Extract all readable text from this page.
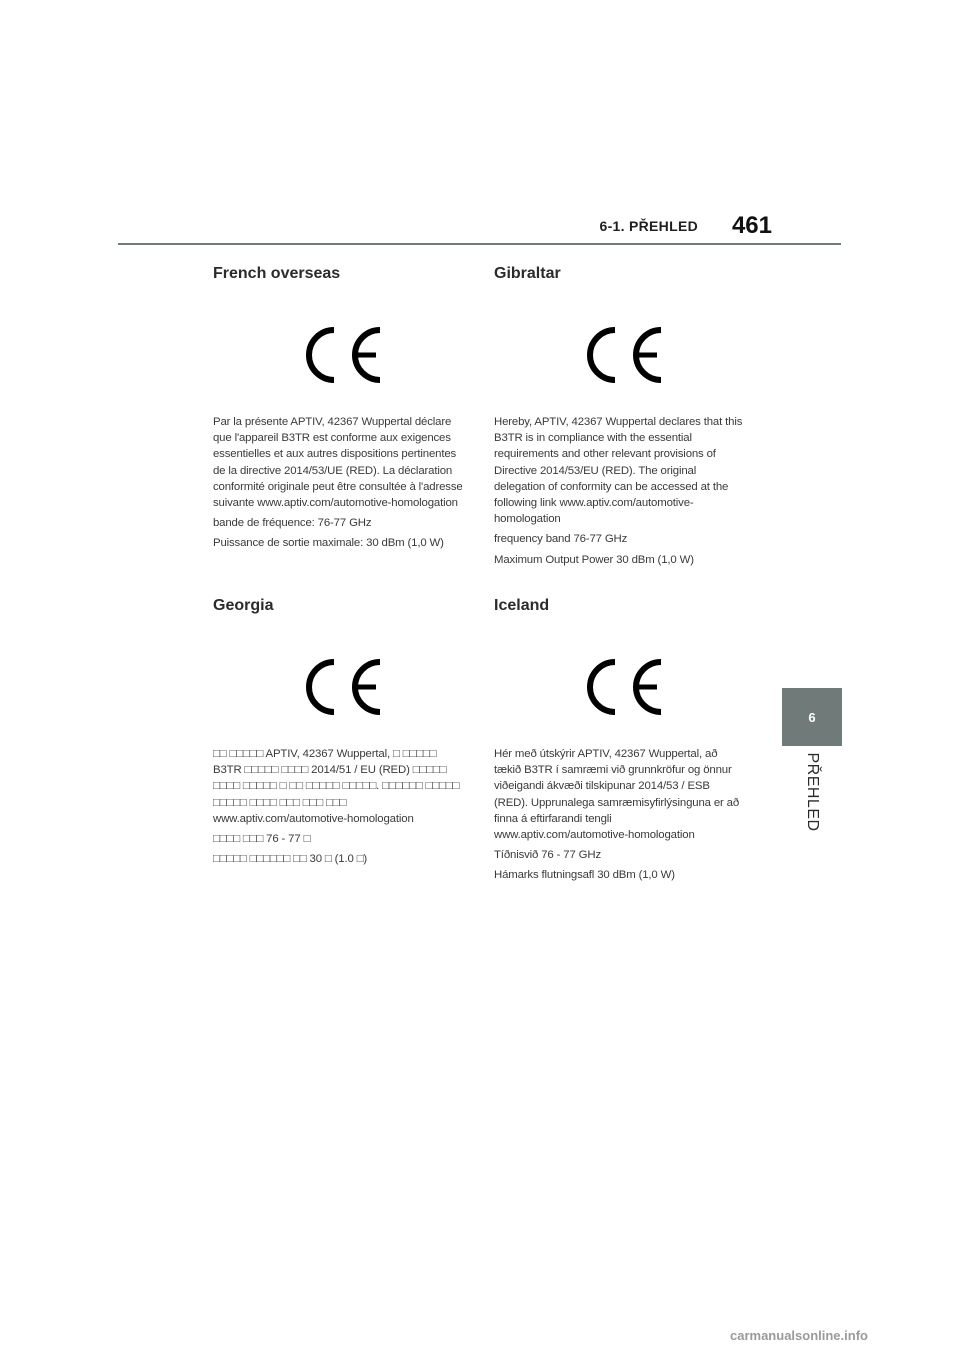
6-1. PŘEHLED 461
6
PŘEHLED
French overseas

Par la présente APTIV, 42367 Wuppertal déclare que l'appareil B3TR est conforme aux exigences essentielles et aux autres dispositions pertinentes de la directive 2014/53/UE (RED). La déclaration conformité originale peut être consultée à l'adresse suivante www.aptiv.com/automotive-homologation

bande de fréquence: 76-77 GHz

Puissance de sortie maximale: 30 dBm (1,0 W)

Gibraltar

Hereby, APTIV, 42367 Wuppertal declares that this B3TR is in compliance with the essential requirements and other relevant provisions of Directive 2014/53/EU (RED). The original delegation of conformity can be accessed at the following link www.aptiv.com/automotive-homologation

frequency band 76-77 GHz

Maximum Output Power 30 dBm (1,0 W)

Georgia

□□ □□□□□ APTIV, 42367 Wuppertal, □ □□□□□ B3TR □□□□□ □□□□ 2014/51 / EU (RED) □□□□□ □□□□ □□□□□ □ □□ □□□□□ □□□□□. □□□□□□ □□□□□ □□□□□ □□□□ □□□ □□□ □□□ www.aptiv.com/automotive-homologation

□□□□ □□□ 76 - 77 □

□□□□□ □□□□□□ □□ 30 □ (1.0 □)

Iceland

Hér með útskýrir APTIV, 42367 Wuppertal, að tækið B3TR í samræmi við grunnkröfur og önnur viðeigandi ákvæði tilskipunar 2014/53 / ESB (RED). Upprunalega samræmisyfirlýsinguna er að finna á eftirfarandi tengli www.aptiv.com/automotive-homologation

Tíðnisvið 76 - 77 GHz

Hámarks flutningsafl 30 dBm (1,0 W)

carmanualsonline.info
